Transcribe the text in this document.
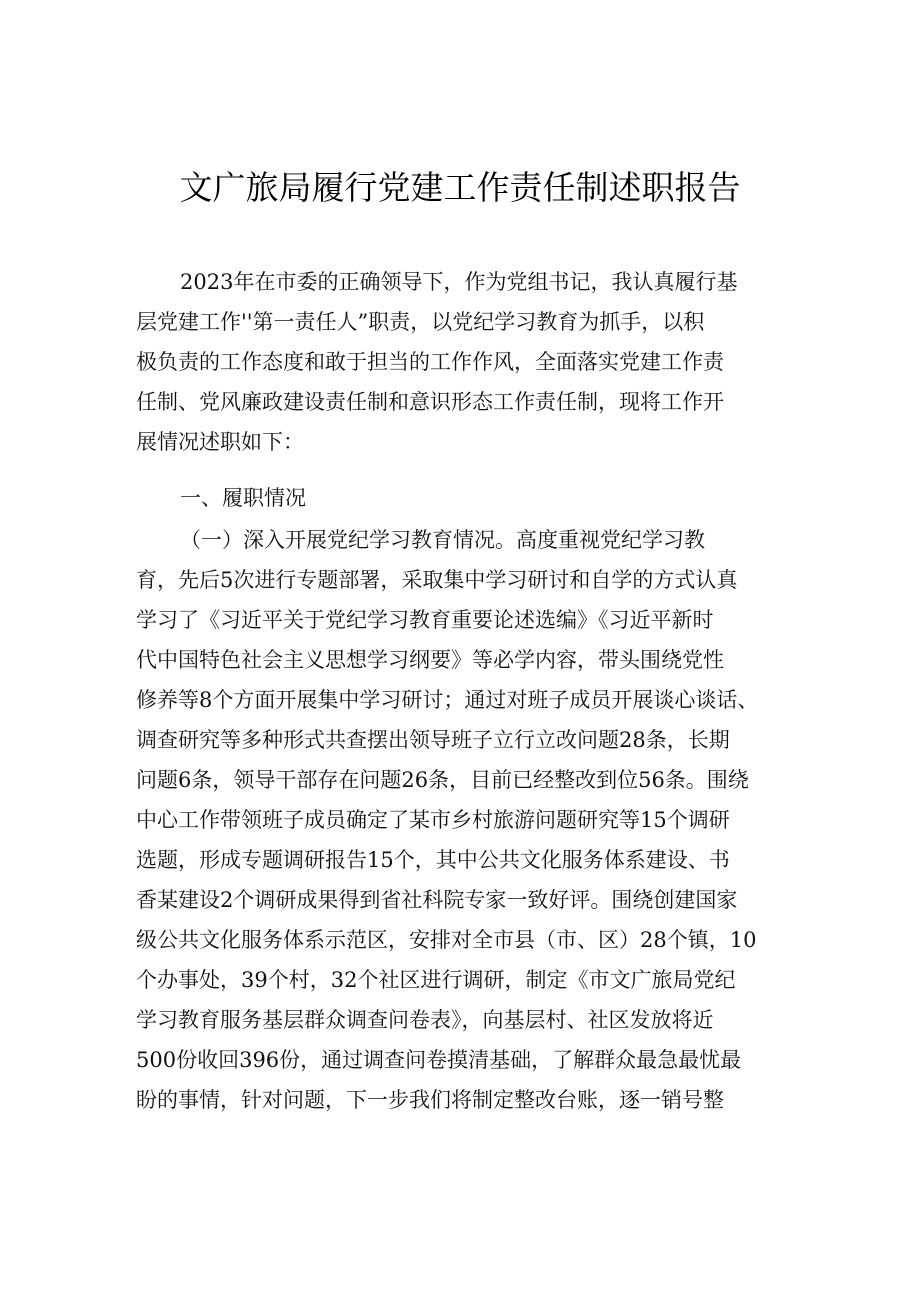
文广旅局履行党建工作责任制述职报告
2023年在市委的正确领导下，作为党组书记，我认真履行基
层党建工作''第一责任人”职责，以党纪学习教育为抓手，以积
极负责的工作态度和敢于担当的工作作风，全面落实党建工作责
任制、党风廉政建设责任制和意识形态工作责任制，现将工作开
展情况述职如下：
一、履职情况
（一）深入开展党纪学习教育情况。高度重视党纪学习教
育，先后5次进行专题部署，采取集中学习研讨和自学的方式认真
学习了《习近平关于党纪学习教育重要论述选编》《习近平新时
代中国特色社会主义思想学习纲要》等必学内容，带头围绕党性
修养等8个方面开展集中学习研讨；通过对班子成员开展谈心谈话、
调查研究等多种形式共查摆出领导班子立行立改问题28条，长期
问题6条，领导干部存在问题26条，目前已经整改到位56条。围绕
中心工作带领班子成员确定了某市乡村旅游问题研究等15个调研
选题，形成专题调研报告15个，其中公共文化服务体系建设、书
香某建设2个调研成果得到省社科院专家一致好评。围绕创建国家
级公共文化服务体系示范区，安排对全市县（市、区）28个镇，10
个办事处，39个村，32个社区进行调研，制定《市文广旅局党纪
学习教育服务基层群众调查问卷表》，向基层村、社区发放将近
500份收回396份，通过调查问卷摸清基础，了解群众最急最忧最
盼的事情，针对问题，下一步我们将制定整改台账，逐一销号整
